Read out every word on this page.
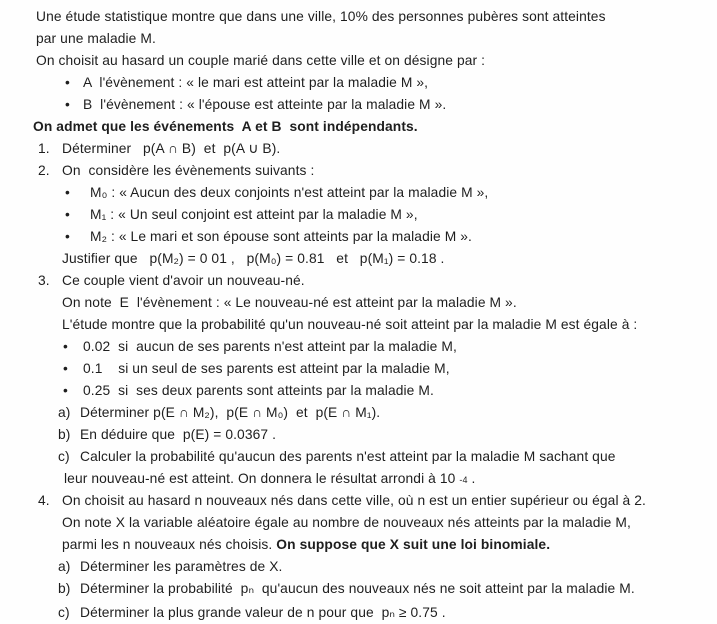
Une étude statistique montre que dans une ville, 10% des personnes pubères sont atteintes
par une maladie M.
On choisit au hasard un couple marié dans cette ville et on désigne par :
• A  l'évènement : « le mari est atteint par la maladie M »,
• B  l'évènement : « l'épouse est atteinte par la maladie M ».
On admet que les événements  A et B  sont indépendants.
1. Déterminer   p(A ∩ B)  et  p(A ∪ B).
2. On  considère les évènements suivants :
•	M₀ : « Aucun des deux conjoints n'est atteint par la maladie M »,
•	M₁ : « Un seul conjoint est atteint par la maladie M »,
•	M₂ : « Le mari et son épouse sont atteints par la maladie M ».
Justifier que   p(M₂) = 0 01 ,   p(M₀) = 0.81   et   p(M₁) = 0.18 .
3. Ce couple vient d'avoir un nouveau-né.
On note  E  l'évènement : « Le nouveau-né est atteint par la maladie M ».
L'étude montre que la probabilité qu'un nouveau-né soit atteint par la maladie M est égale à :
•	0.02  si  aucun de ses parents n'est atteint par la maladie M,
•	0.1    si un seul de ses parents est atteint par la maladie M,
•	0.25  si  ses deux parents sont atteints par la maladie M.
a) Déterminer p(E ∩ M₂),  p(E ∩ M₀)  et  p(E ∩ M₁).
b) En déduire que  p(E) = 0.0367 .
c) Calculer la probabilité qu'aucun des parents n'est atteint par la maladie M sachant que
leur nouveau-né est atteint. On donnera le résultat arrondi à 10 -4 .
4. On choisit au hasard n nouveaux nés dans cette ville, où n est un entier supérieur ou égal à 2.
On note X la variable aléatoire égale au nombre de nouveaux nés atteints par la maladie M,
parmi les n nouveaux nés choisis. On suppose que X suit une loi binomiale.
a) Déterminer les paramètres de X.
b) Déterminer la probabilité  pₙ  qu'aucun des nouveaux nés ne soit atteint par la maladie M.
c) Déterminer la plus grande valeur de n pour que  pₙ ≥ 0.75 .
